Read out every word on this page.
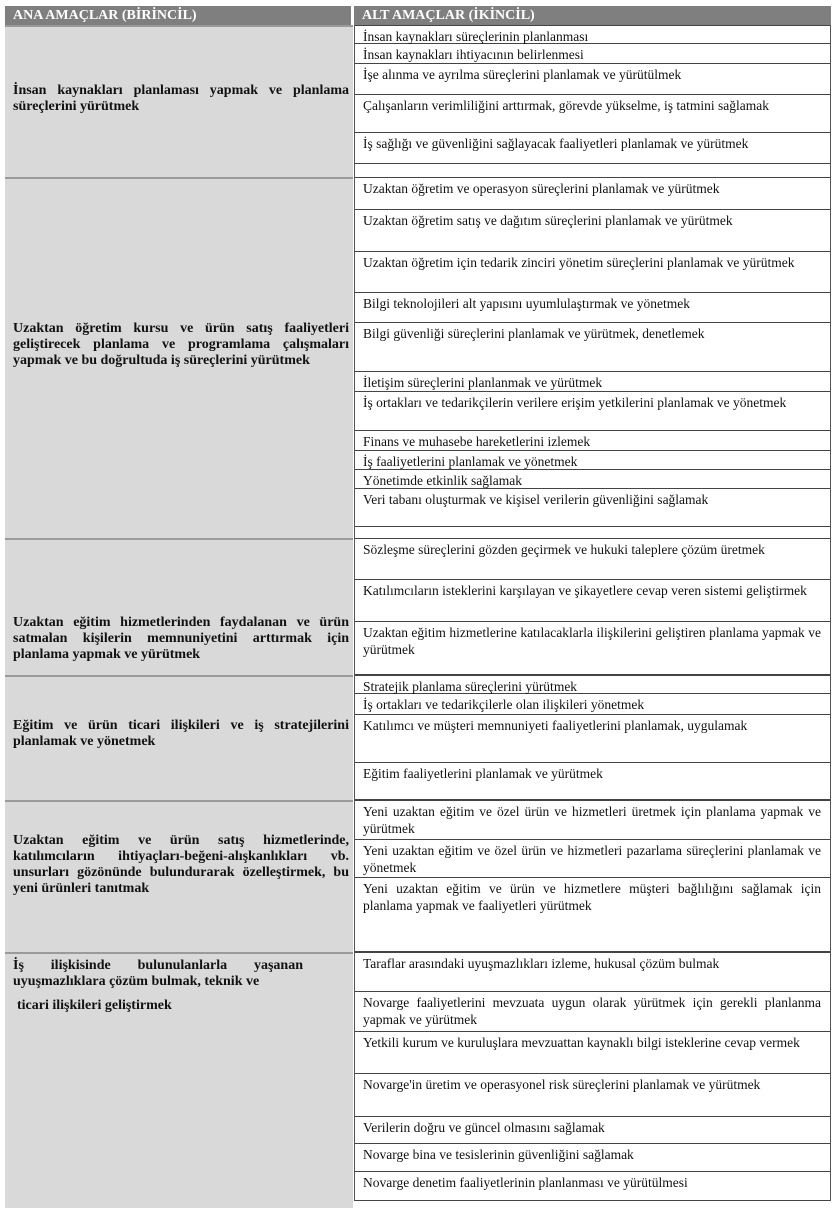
ANA AMAÇLAR (BİRİNCİL)	ALT AMAÇLAR (İKİNCİL)
İnsan kaynakları planlaması yapmak ve planlama süreçlerini yürütmek
İnsan kaynakları süreçlerinin planlanması
İnsan kaynakları ihtiyacının belirlenmesi
İşe alınma ve ayrılma süreçlerini planlamak ve yürütülmek
Çalışanların verimliliğini arttırmak, görevde yükselme, iş tatmini sağlamak
İş sağlığı ve güvenliğini sağlayacak faaliyetleri planlamak ve yürütmek
Uzaktan öğretim kursu ve ürün satış faaliyetleri geliştirecek planlama ve programlama çalışmaları yapmak ve bu doğrultuda iş süreçlerini yürütmek
Uzaktan öğretim ve operasyon süreçlerini planlamak ve yürütmek
Uzaktan öğretim satış ve dağıtım süreçlerini planlamak ve yürütmek
Uzaktan öğretim için tedarik zinciri yönetim süreçlerini planlamak ve yürütmek
Bilgi teknolojileri alt yapısını uyumlulaştırmak ve yönetmek
Bilgi güvenliği süreçlerini planlamak ve yürütmek, denetlemek
İletişim süreçlerini planlanmak ve yürütmek
İş ortakları ve tedarikçilerin verilere erişim yetkilerini planlamak ve yönetmek
Finans ve muhasebe hareketlerini izlemek
İş faaliyetlerini planlamak ve yönetmek
Yönetimde etkinlik sağlamak
Veri tabanı oluşturmak ve kişisel verilerin güvenliğini sağlamak
Uzaktan eğitim hizmetlerinden faydalanan ve ürün satmalan kişilerin memnuniyetini arttırmak için planlama yapmak ve yürütmek
Sözleşme süreçlerini gözden geçirmek ve hukuki taleplere çözüm üretmek
Katılımcıların isteklerini karşılayan ve şikayetlere cevap veren sistemi geliştirmek
Uzaktan eğitim hizmetlerine katılacaklarla ilişkilerini geliştiren planlama yapmak ve yürütmek
Eğitim ve ürün ticari ilişkileri ve iş stratejilerini planlamak ve yönetmek
Stratejik planlama süreçlerini yürütmek
İş ortakları ve tedarikçilerle olan ilişkileri yönetmek
Katılımcı ve müşteri memnuniyeti faaliyetlerini planlamak, uygulamak
Eğitim faaliyetlerini planlamak ve yürütmek
Uzaktan eğitim ve ürün satış hizmetlerinde, katılımcıların ihtiyaçları-beğeni-alışkanlıkları vb. unsurları gözönünde bulundurarak özelleştirmek, bu yeni ürünleri tanıtmak
Yeni uzaktan eğitim ve özel ürün ve hizmetleri üretmek için planlama yapmak ve yürütmek
Yeni uzaktan eğitim ve özel ürün ve hizmetleri pazarlama süreçlerini planlamak ve yönetmek
Yeni uzaktan eğitim ve ürün ve hizmetlere müşteri bağlılığını sağlamak için planlama yapmak ve faaliyetleri yürütmek
İş ilişkisinde bulunulanlarla yaşanan uyuşmazlıklara çözüm bulmak, teknik ve
ticari ilişkileri geliştirmek
Taraflar arasındaki uyuşmazlıkları izleme, hukusal çözüm bulmak
Novarge faaliyetlerini mevzuata uygun olarak yürütmek için gerekli planlanma yapmak ve yürütmek
Yetkili kurum ve kuruluşlara mevzuattan kaynaklı bilgi isteklerine cevap vermek
Novarge'in üretim ve operasyonel risk süreçlerini planlamak ve yürütmek
Verilerin doğru ve güncel olmasını sağlamak
Novarge bina ve tesislerinin güvenliğini sağlamak
Novarge denetim faaliyetlerinin planlanması ve yürütülmesi
